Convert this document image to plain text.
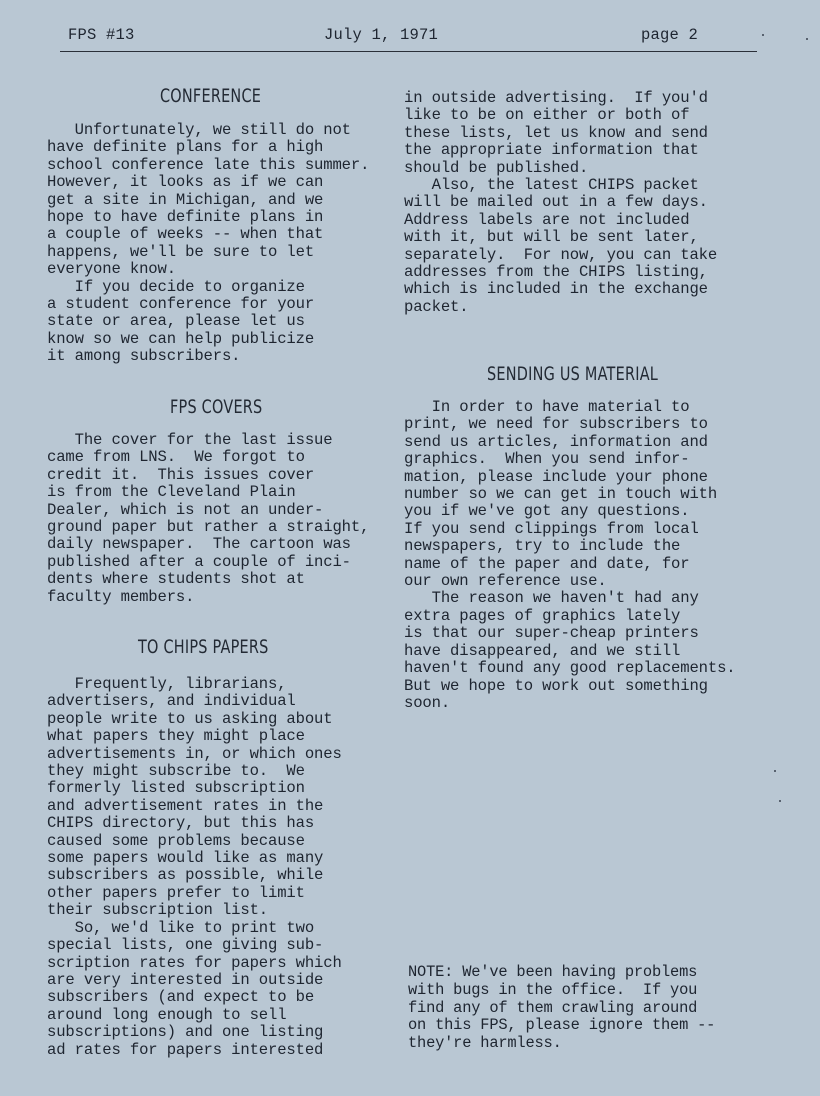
FPS #13	July 1, 1971	page 2
CONFERENCE

Unfortunately, we still do not

have definite plans for a high

school conference late this summer.

However, it looks as if we can

get a site in Michigan, and we

hope to have definite plans in

a couple of weeks -- when that

happens, we'll be sure to let

everyone know.

If you decide to organize

a student conference for your

state or area, please let us

know so we can help publicize

it among subscribers.

FPS COVERS

The cover for the last issue

came from LNS.  We forgot to

credit it.  This issues cover

is from the Cleveland Plain

Dealer, which is not an under-

ground paper but rather a straight,

daily newspaper.  The cartoon was

published after a couple of inci-

dents where students shot at

faculty members.

TO CHIPS PAPERS

Frequently, librarians,

advertisers, and individual

people write to us asking about

what papers they might place

advertisements in, or which ones

they might subscribe to.  We

formerly listed subscription

and advertisement rates in the

CHIPS directory, but this has

caused some problems because

some papers would like as many

subscribers as possible, while

other papers prefer to limit

their subscription list.

So, we'd like to print two

special lists, one giving sub-

scription rates for papers which

are very interested in outside

subscribers (and expect to be

around long enough to sell

subscriptions) and one listing

ad rates for papers interested

in outside advertising.  If you'd

like to be on either or both of

these lists, let us know and send

the appropriate information that

should be published.

Also, the latest CHIPS packet

will be mailed out in a few days.

Address labels are not included

with it, but will be sent later,

separately.  For now, you can take

addresses from the CHIPS listing,

which is included in the exchange

packet.

SENDING US MATERIAL

In order to have material to

print, we need for subscribers to

send us articles, information and

graphics.  When you send infor-

mation, please include your phone

number so we can get in touch with

you if we've got any questions.

If you send clippings from local

newspapers, try to include the

name of the paper and date, for

our own reference use.

The reason we haven't had any

extra pages of graphics lately

is that our super-cheap printers

have disappeared, and we still

haven't found any good replacements.

But we hope to work out something

soon.

NOTE: We've been having problems

with bugs in the office.  If you

find any of them crawling around

on this FPS, please ignore them --

they're harmless.
